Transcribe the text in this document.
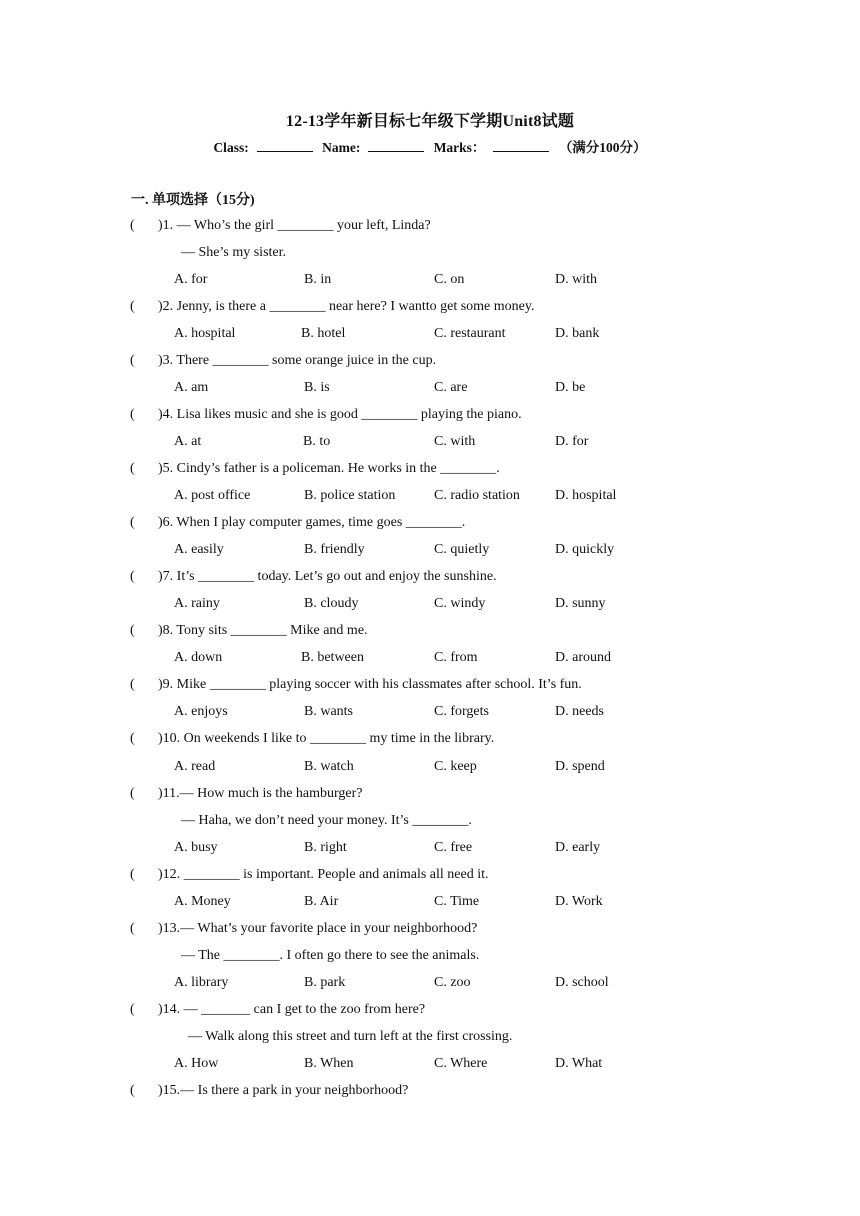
12-13学年新目标七年级下学期Unit8试题
Class:	Name:	Marks：	（满分100分）
一. 单项选择（15分)
( )1. — Who’s the girl ________ your left, Linda?
— She’s my sister.
A. for	B. in	C. on	D. with
( )2. Jenny, is there a ________ near here? I wantto get some money.
A. hospital	B. hotel	C. restaurant	D. bank
( )3. There ________ some orange juice in the cup.
A. am	B. is	C. are	D. be
( )4. Lisa likes music and she is good ________ playing the piano.
A. at	B. to	C. with	D. for
( )5. Cindy’s father is a policeman. He works in the ________.
A. post office	B. police station	C. radio station	D. hospital
( )6. When I play computer games, time goes ________.
A. easily	B. friendly	C. quietly	D. quickly
( )7. It’s ________ today. Let’s go out and enjoy the sunshine.
A. rainy	B. cloudy	C. windy	D. sunny
( )8. Tony sits ________ Mike and me.
A. down	B. between	C. from	D. around
( )9. Mike ________ playing soccer with his classmates after school. It’s fun.
A. enjoys	B. wants	C. forgets	D. needs
( )10. On weekends I like to ________ my time in the library.
A. read	B. watch	C. keep	D. spend
( )11.— How much is the hamburger?
— Haha, we don’t need your money. It’s ________.
A. busy	B. right	C. free	D. early
( )12. ________ is important. People and animals all need it.
A. Money	B. Air	C. Time	D. Work
( )13.— What’s your favorite place in your neighborhood?
— The ________. I often go there to see the animals.
A. library	B. park	C. zoo	D. school
( )14. — _______ can I get to the zoo from here?
— Walk along this street and turn left at the first crossing.
A. How	B. When	C. Where	D. What
( )15.— Is there a park in your neighborhood?
